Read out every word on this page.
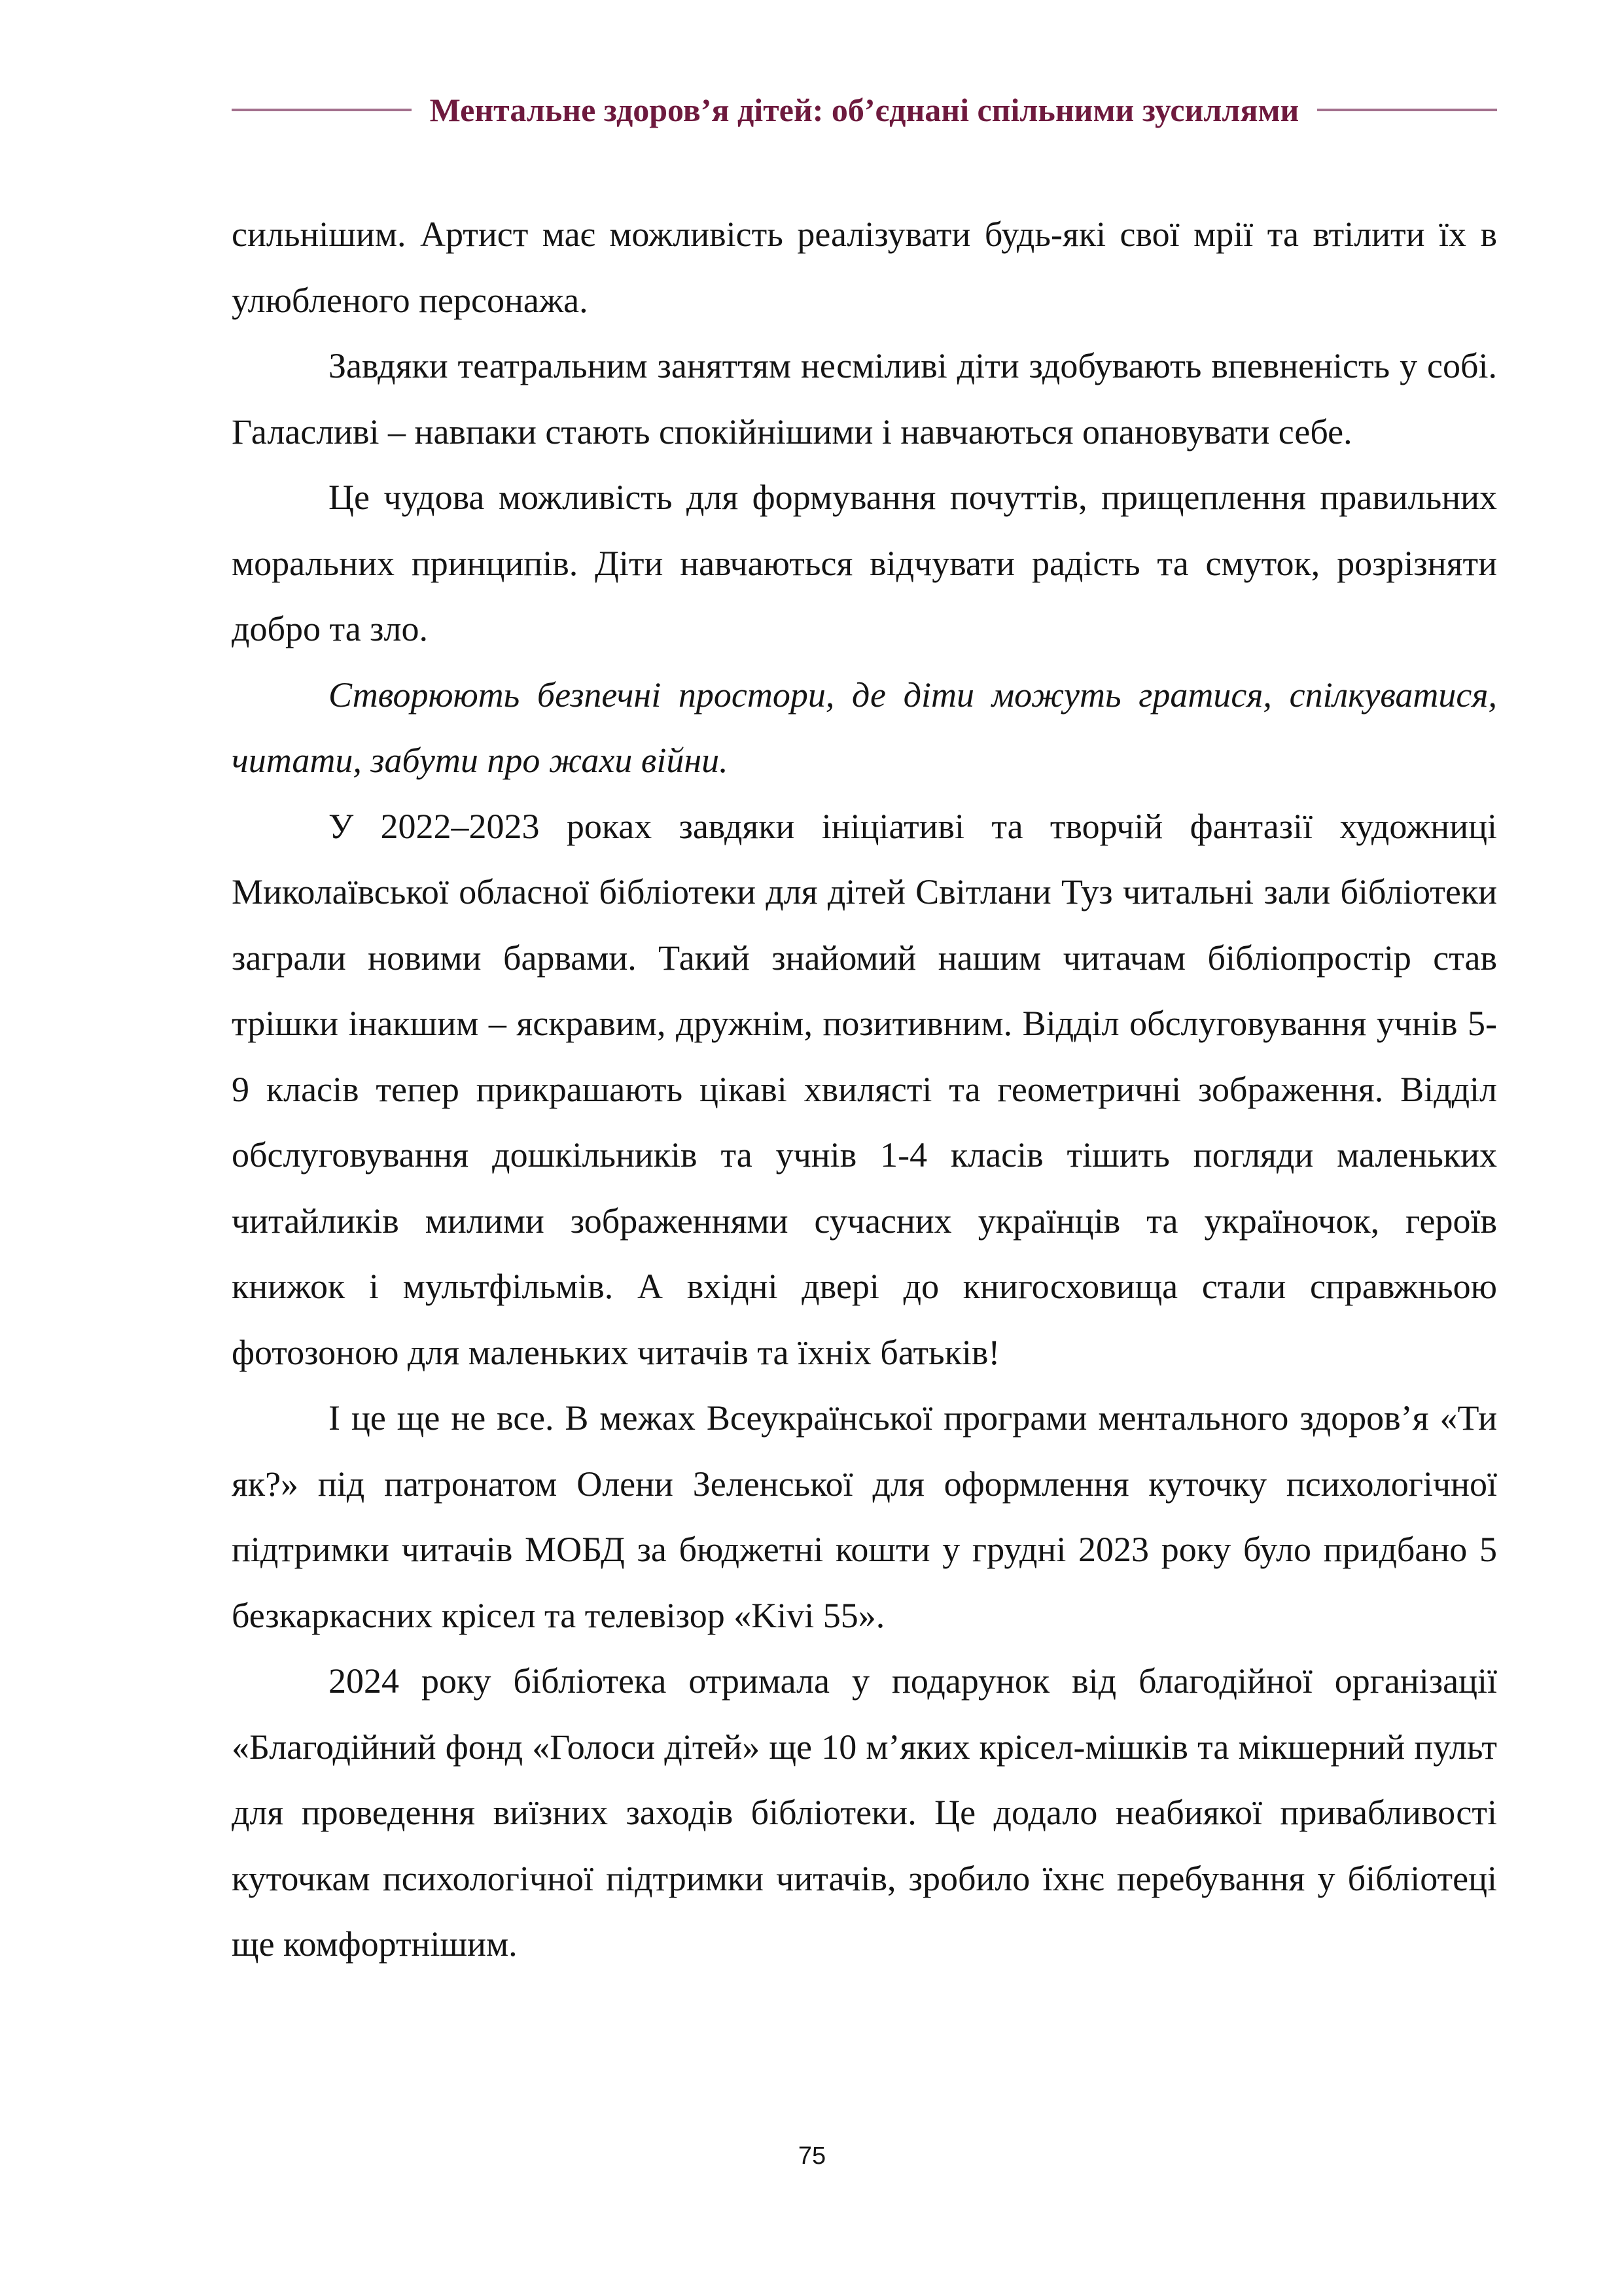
Ментальне здоров’я дітей: об’єднані спільними зусиллями

сильнішим. Артист має можливість реалізувати будь-які свої мрії та втілити їх в улюбленого персонажа.

Завдяки театральним заняттям несміливі діти здобувають впевненість у собі. Галасливі – навпаки стають спокійнішими і навчаються опановувати себе.

Це чудова можливість для формування почуттів, прищеплення правильних моральних принципів. Діти навчаються відчувати радість та смуток, розрізняти добро та зло.

Створюють безпечні простори, де діти можуть гратися, спілкуватися, читати, забути про жахи війни.

У 2022–2023 роках завдяки ініціативі та творчій фантазії художниці Миколаївської обласної бібліотеки для дітей Світлани Туз читальні зали бібліотеки заграли новими барвами. Такий знайомий нашим читачам бібліопростір став трішки інакшим – яскравим, дружнім, позитивним. Відділ обслуговування учнів 5-9 класів тепер прикрашають цікаві хвилясті та геометричні зображення. Відділ обслуговування дошкільників та учнів 1-4 класів тішить погляди маленьких читайликів милими зображеннями сучасних українців та україночок, героїв книжок і мультфільмів. А вхідні двері до книгосховища стали справжньою фотозоною для маленьких читачів та їхніх батьків!

І це ще не все. В межах Всеукраїнської програми ментального здоров’я «Ти як?» під патронатом Олени Зеленської для оформлення куточку психологічної підтримки читачів МОБД за бюджетні кошти у грудні 2023 року було придбано 5 безкаркасних крісел та телевізор «Kivi 55».

2024 року бібліотека отримала у подарунок від благодійної організації «Благодійний фонд «Голоси дітей» ще 10 м’яких крісел-мішків та мікшерний пульт для проведення виїзних заходів бібліотеки. Це додало неабиякої привабливості куточкам психологічної підтримки читачів, зробило їхнє перебування у бібліотеці ще комфортнішим.

75
